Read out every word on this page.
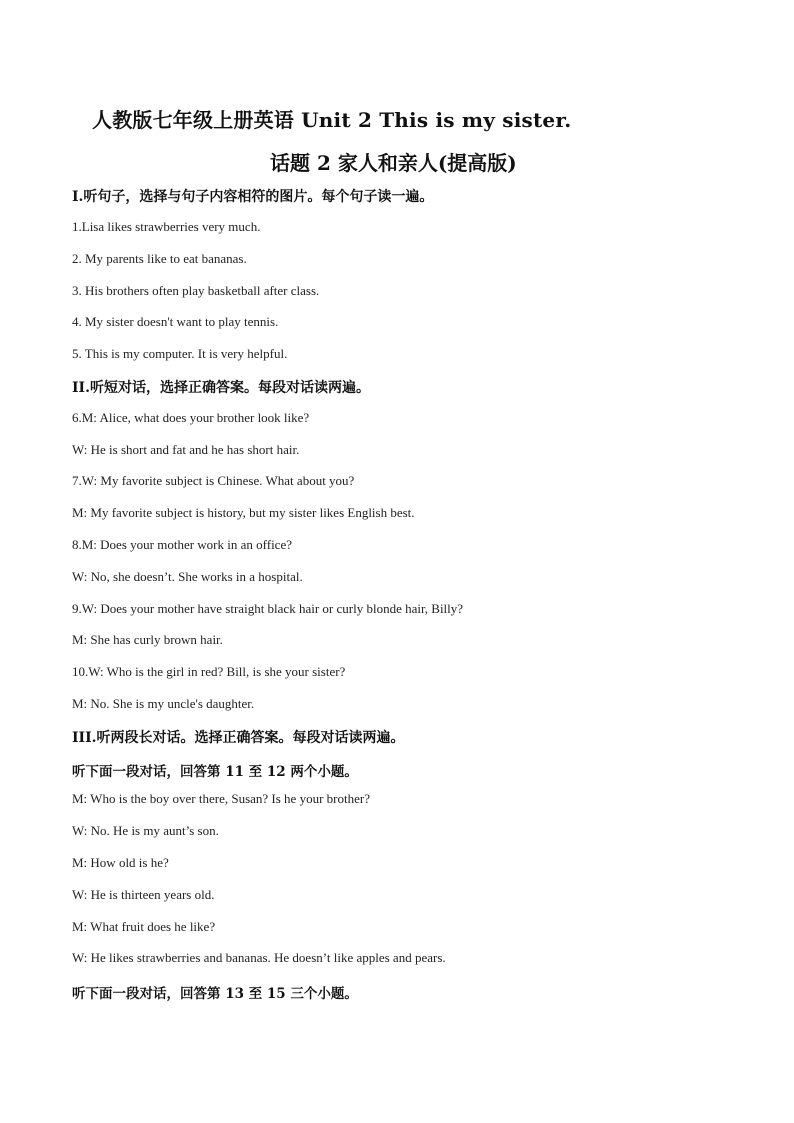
人教版七年级上册英语 Unit 2 This is my sister.
话题 2 家人和亲人(提高版)
I.听句子，选择与句子内容相符的图片。每个句子读一遍。
1.Lisa likes strawberries very much.
2. My parents like to eat bananas.
3. His brothers often play basketball after class.
4. My sister doesn't want to play tennis.
5. This is my computer. It is very helpful.
II.听短对话，选择正确答案。每段对话读两遍。
6.M: Alice, what does your brother look like?
W: He is short and fat and he has short hair.
7.W: My favorite subject is Chinese. What about you?
M: My favorite subject is history, but my sister likes English best.
8.M: Does your mother work in an office?
W: No, she doesn’t. She works in a hospital.
9.W: Does your mother have straight black hair or curly blonde hair, Billy?
M: She has curly brown hair.
10.W: Who is the girl in red? Bill, is she your sister?
M: No. She is my uncle's daughter.
III.听两段长对话。选择正确答案。每段对话读两遍。
听下面一段对话，回答第 11 至 12 两个小题。
M: Who is the boy over there, Susan? Is he your brother?
W: No. He is my aunt’s son.
M: How old is he?
W: He is thirteen years old.
M: What fruit does he like?
W: He likes strawberries and bananas. He doesn’t like apples and pears.
听下面一段对话，回答第 13 至 15 三个小题。
